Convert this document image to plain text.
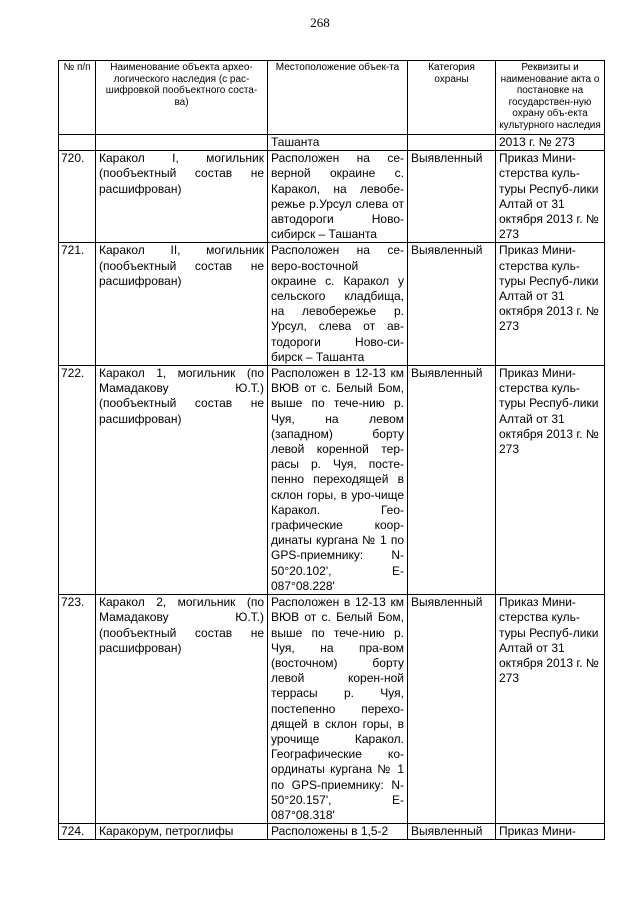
268
№ п/п	Наименование объекта архео-логического наследия (с рас-шифровкой пообъектного соста-ва)	Местоположение объек-та	Категория охраны	Реквизиты и наименование акта о постановке на государствен-ную охрану объ-екта культурного наследия
		Ташанта		2013 г. № 273
720.	Каракол I, могильник (пообъектный состав не расшифрован)	Расположен на се-верной окраине с. Каракол, на левобе-режье р.Урсул слева от автодороги Ново-сибирск – Ташанта	Выявленный	Приказ Мини-стерства куль-туры Респуб-лики Алтай от 31 октября 2013 г. № 273
721.	Каракол II, могильник (пообъектный состав не расшифрован)	Расположен на се-веро-восточной окраине с. Каракол у сельского кладбища, на левобережье р. Урсул, слева от ав-тодороги Ново-си-бирск – Ташанта	Выявленный	Приказ Мини-стерства куль-туры Респуб-лики Алтай от 31 октября 2013 г. № 273
722.	Каракол 1, могильник (по Мамадакову Ю.Т.) (пообъектный состав не расшифрован)	Расположен в 12-13 км ВЮВ от с. Белый Бом, выше по тече-нию р. Чуя, на левом (западном) борту левой коренной тер-расы р. Чуя, посте-пенно переходящей в склон горы, в уро-чище Каракол. Гео-графические коор-динаты кургана № 1 по GPS-приемнику: N-50°20.102', E-087°08.228'	Выявленный	Приказ Мини-стерства куль-туры Респуб-лики Алтай от 31 октября 2013 г. № 273
723.	Каракол 2, могильник (по Мамадакову Ю.Т.) (пообъектный состав не расшифрован)	Расположен в 12-13 км ВЮВ от с. Белый Бом, выше по тече-нию р. Чуя, на пра-вом (восточном) борту левой корен-ной террасы р. Чуя, постепенно перехо-дящей в склон горы, в урочище Каракол. Географические ко-ординаты кургана № 1 по GPS-приемнику: N-50°20.157', E-087°08.318'	Выявленный	Приказ Мини-стерства куль-туры Респуб-лики Алтай от 31 октября 2013 г. № 273
724.	Каракорум, петроглифы	Расположены в 1,5-2	Выявленный	Приказ Мини-
